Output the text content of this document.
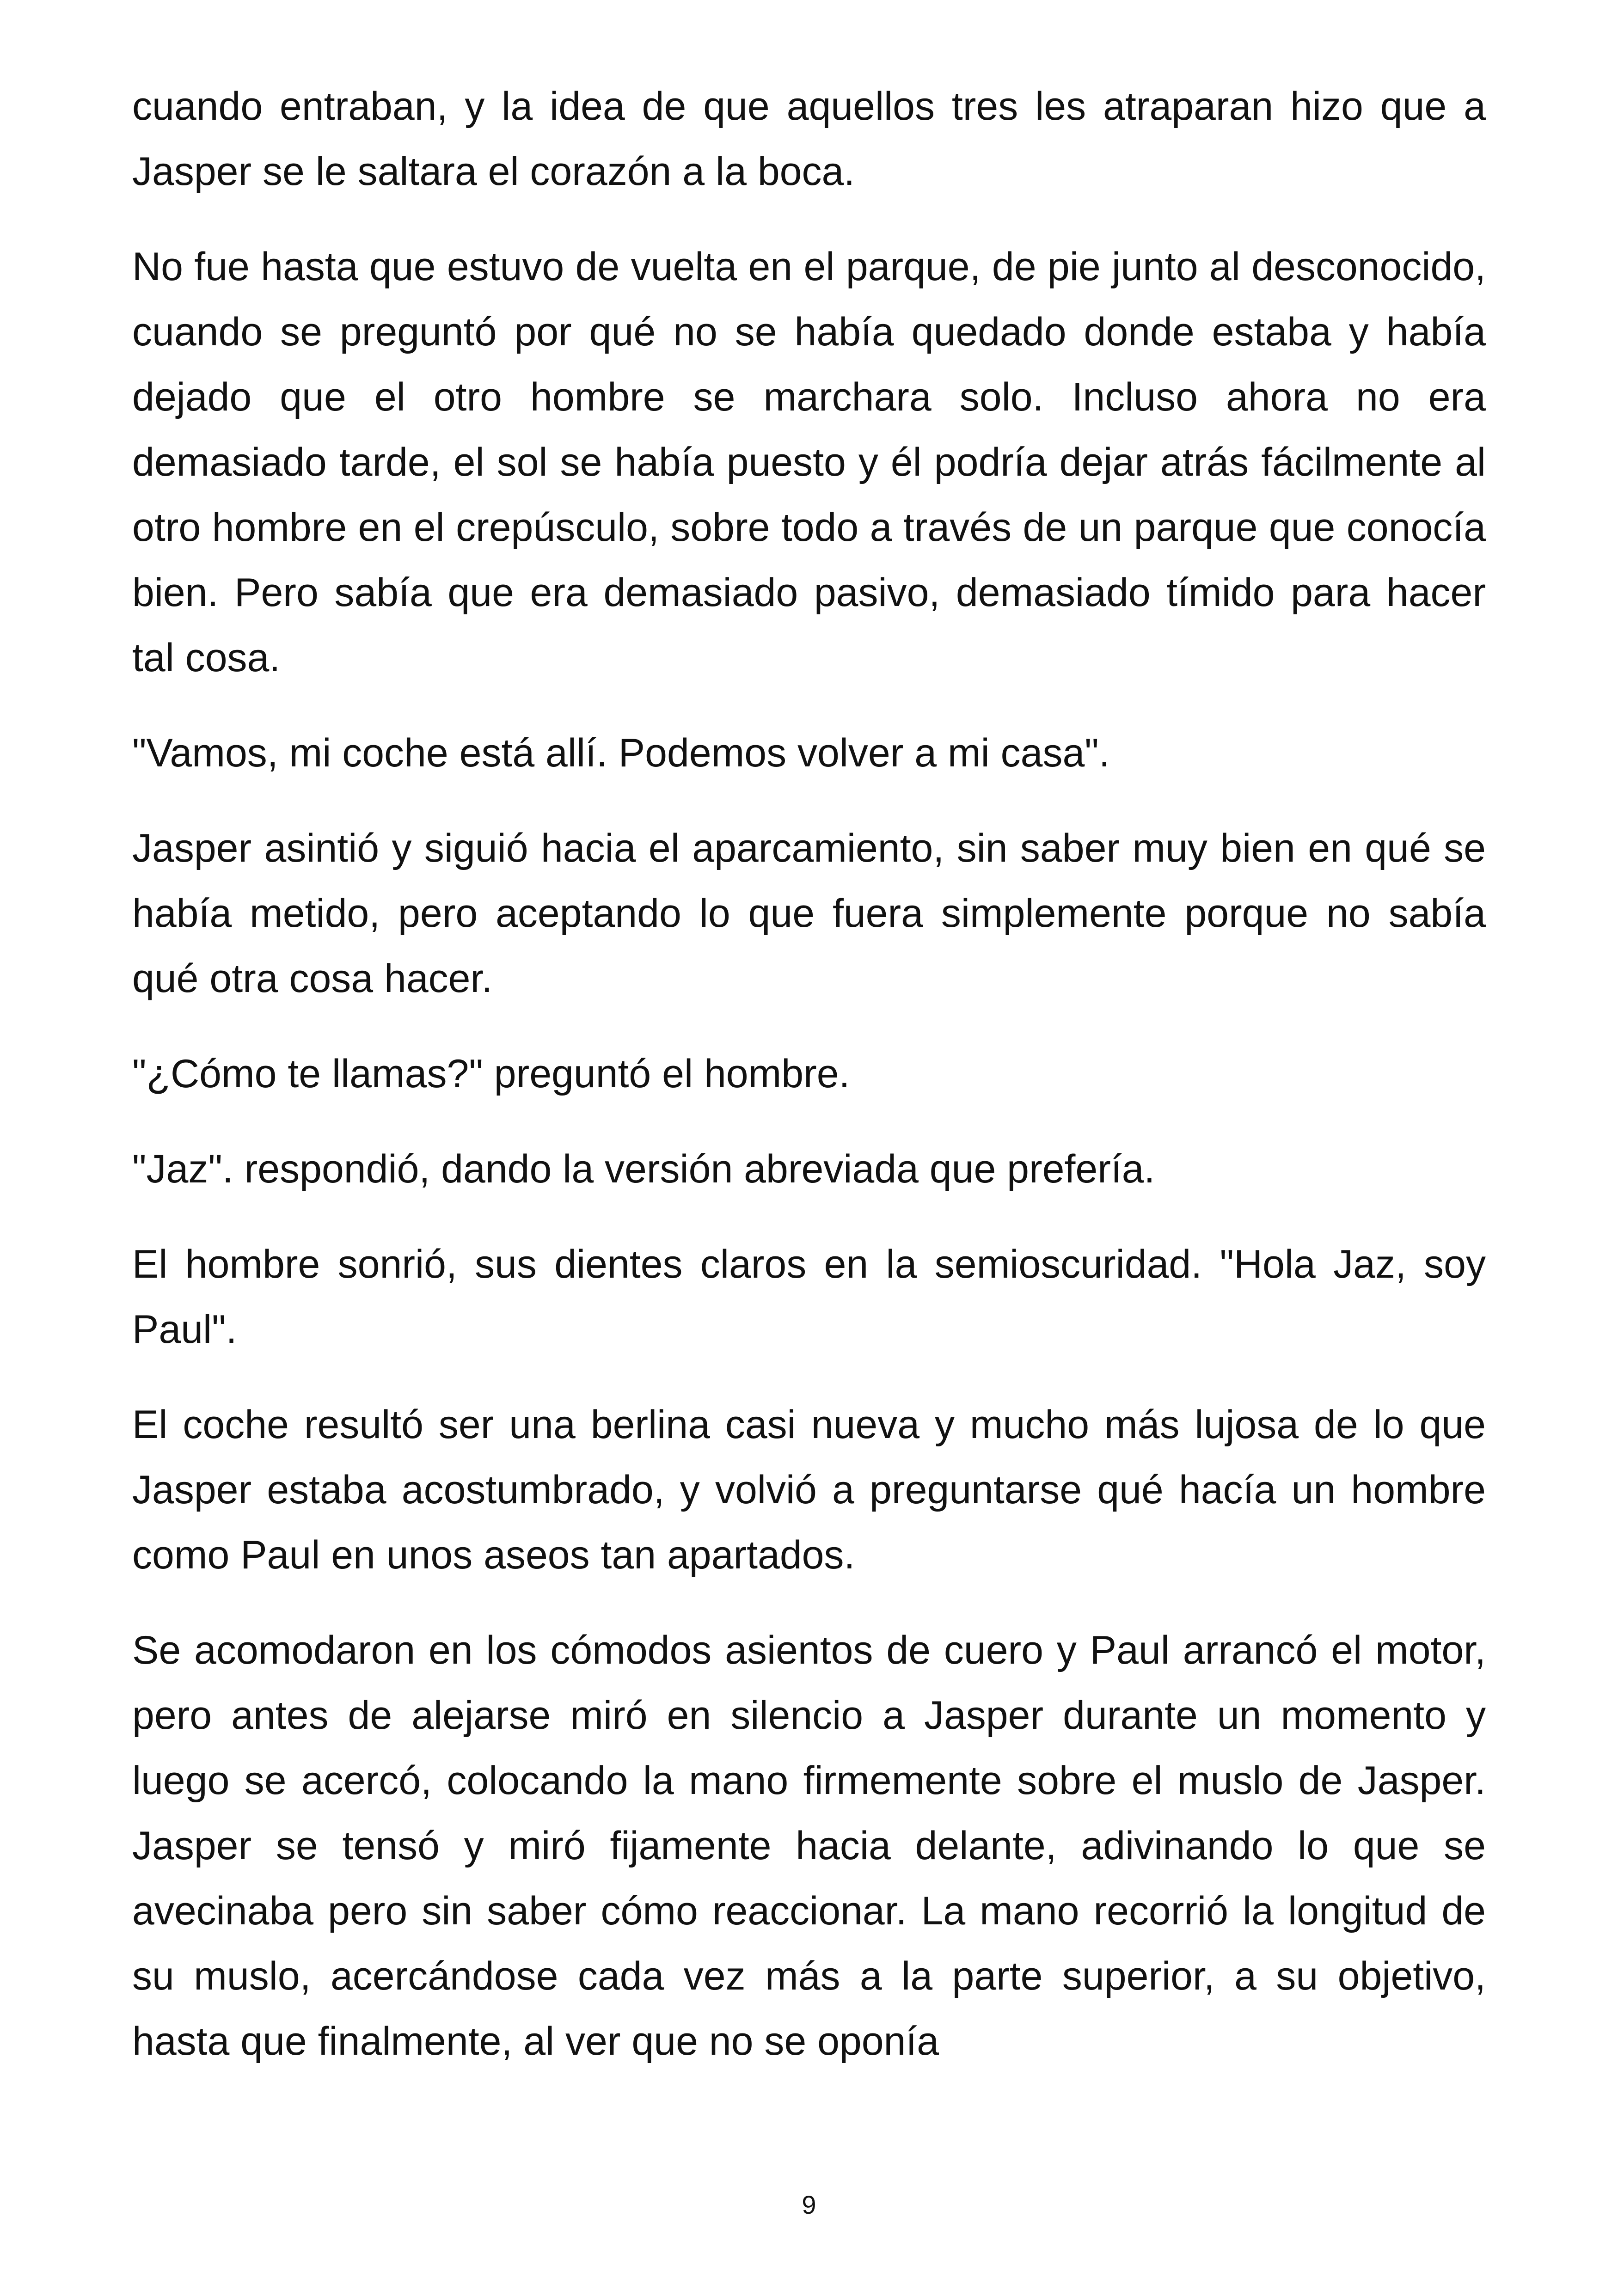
cuando entraban, y la idea de que aquellos tres les atraparan hizo que a Jasper se le saltara el corazón a la boca.

No fue hasta que estuvo de vuelta en el parque, de pie junto al desconocido, cuando se preguntó por qué no se había quedado donde estaba y había dejado que el otro hombre se marchara solo. Incluso ahora no era demasiado tarde, el sol se había puesto y él podría dejar atrás fácilmente al otro hombre en el crepúsculo, sobre todo a través de un parque que conocía bien. Pero sabía que era demasiado pasivo, demasiado tímido para hacer tal cosa.

"Vamos, mi coche está allí. Podemos volver a mi casa".

Jasper asintió y siguió hacia el aparcamiento, sin saber muy bien en qué se había metido, pero aceptando lo que fuera simplemente porque no sabía qué otra cosa hacer.

"¿Cómo te llamas?" preguntó el hombre.

"Jaz". respondió, dando la versión abreviada que prefería.

El hombre sonrió, sus dientes claros en la semioscuridad. "Hola Jaz, soy Paul".

El coche resultó ser una berlina casi nueva y mucho más lujosa de lo que Jasper estaba acostumbrado, y volvió a preguntarse qué hacía un hombre como Paul en unos aseos tan apartados.

Se acomodaron en los cómodos asientos de cuero y Paul arrancó el motor, pero antes de alejarse miró en silencio a Jasper durante un momento y luego se acercó, colocando la mano firmemente sobre el muslo de Jasper. Jasper se tensó y miró fijamente hacia delante, adivinando lo que se avecinaba pero sin saber cómo reaccionar. La mano recorrió la longitud de su muslo, acercándose cada vez más a la parte superior, a su objetivo, hasta que finalmente, al ver que no se oponía

9
